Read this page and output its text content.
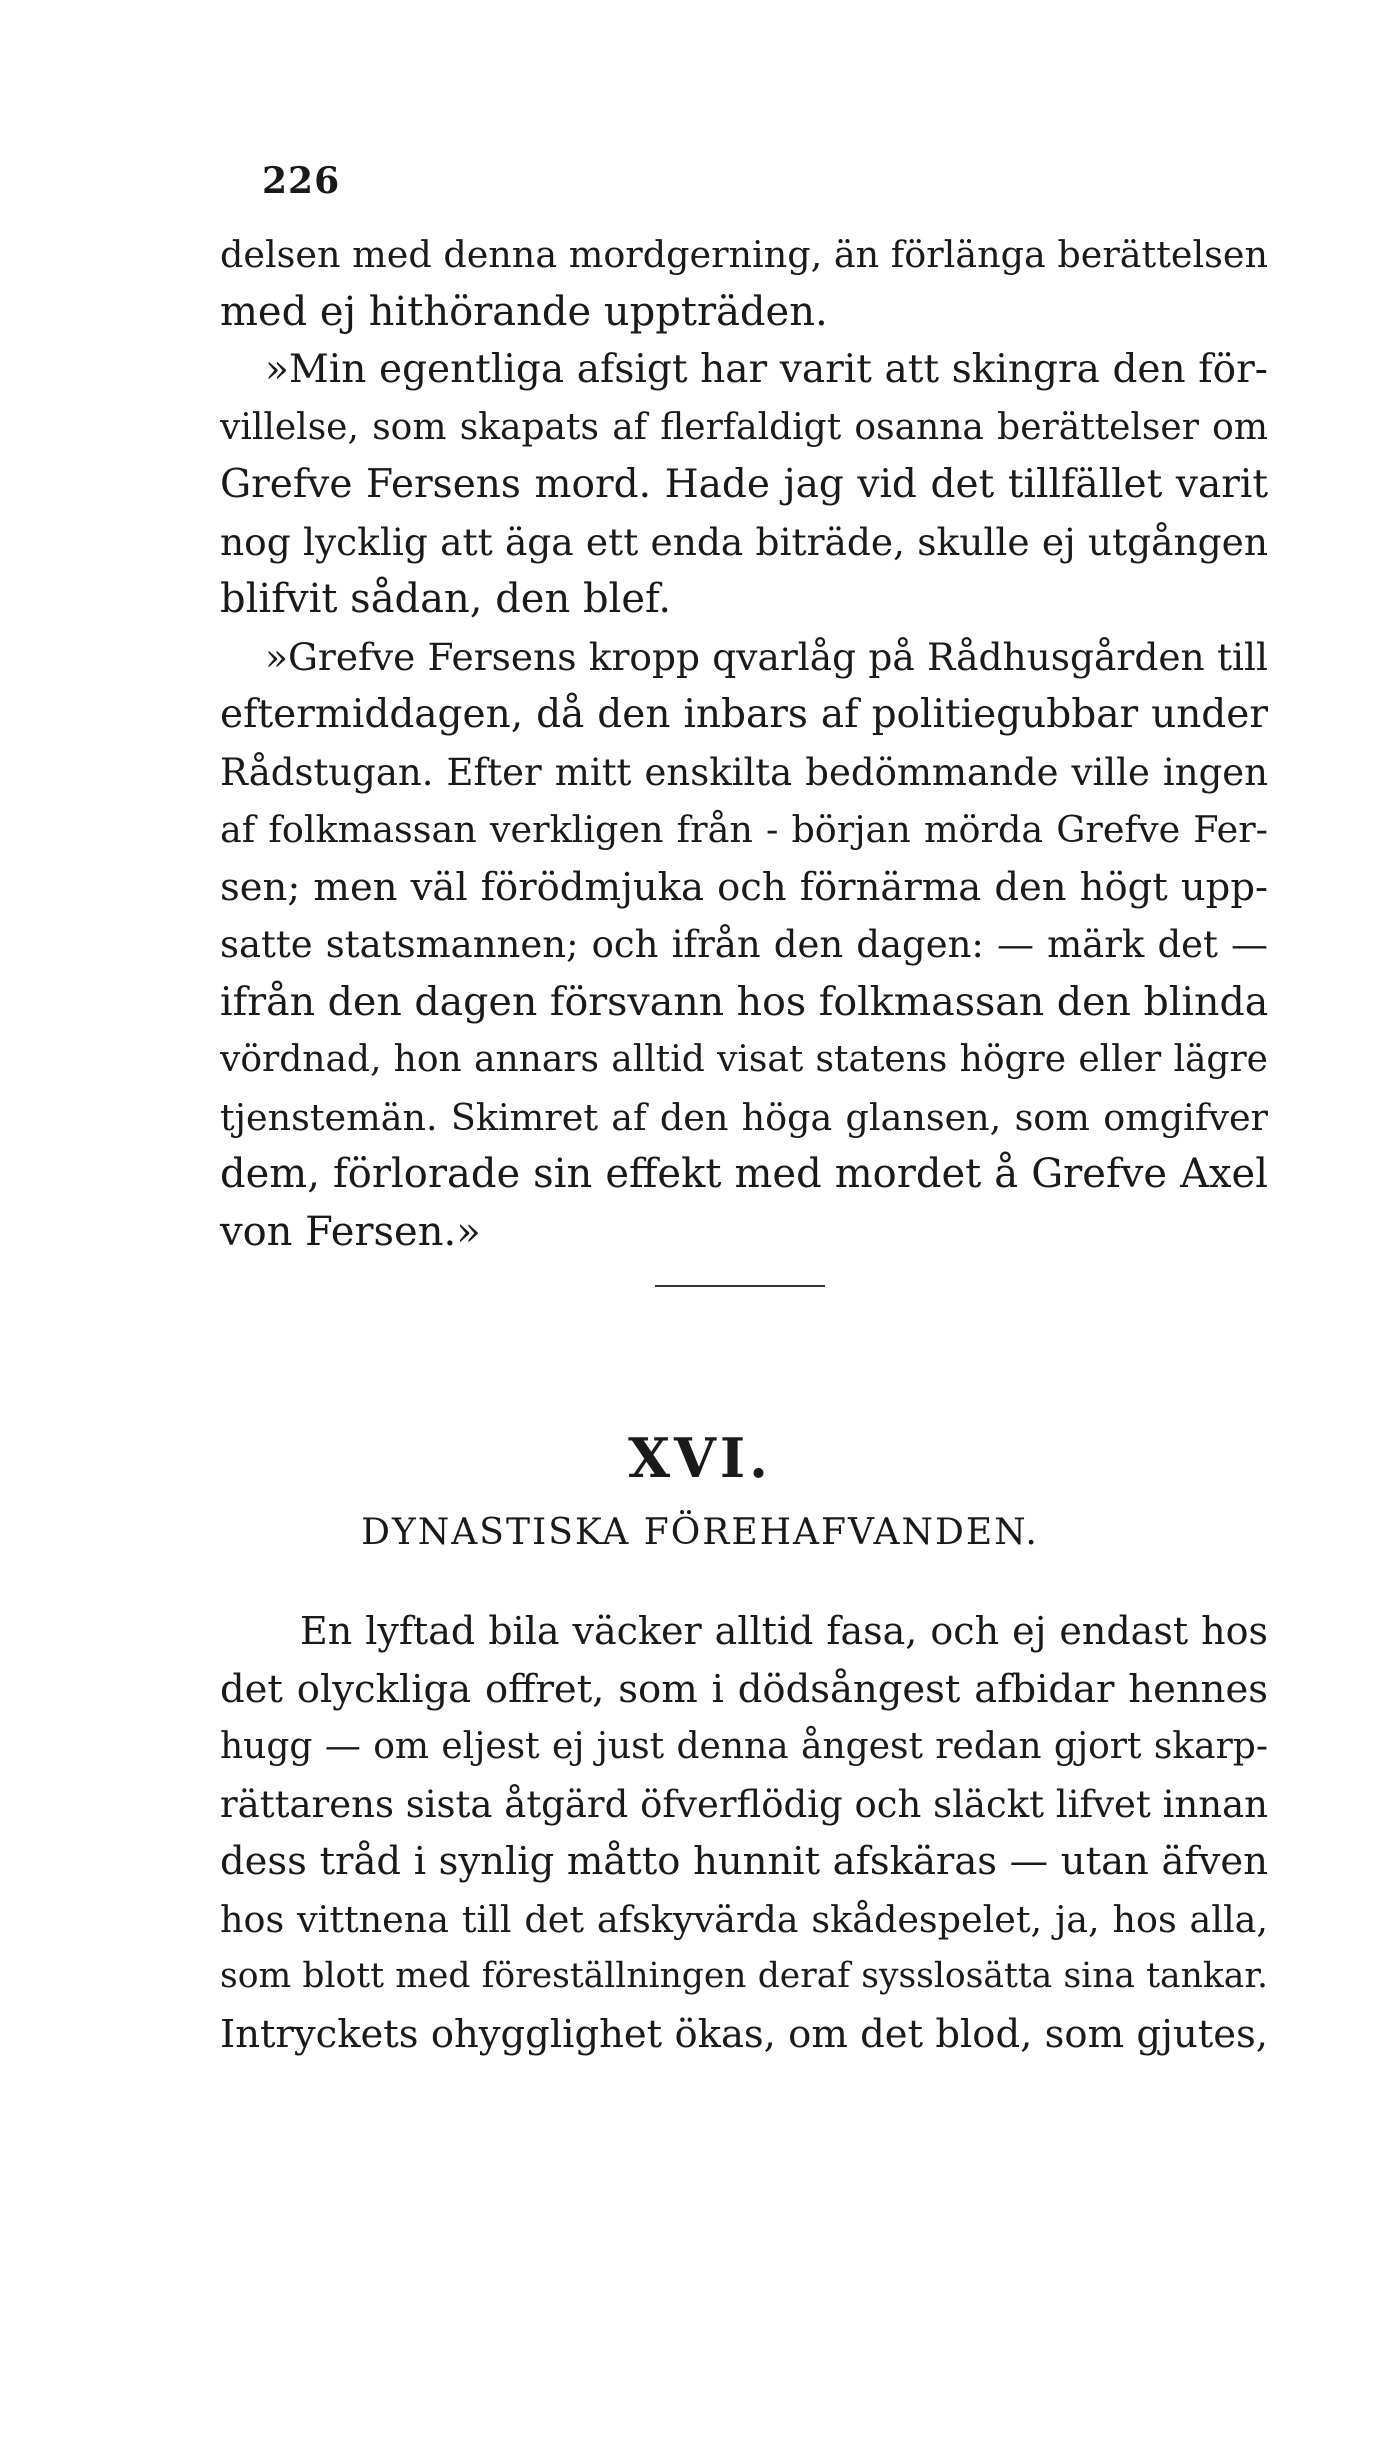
226
delsen med denna mordgerning, än förlänga berättelsen
med ej hithörande uppträden.
»Min egentliga afsigt har varit att skingra den för-
villelse, som skapats af flerfaldigt osanna berättelser om
Grefve Fersens mord. Hade jag vid det tillfället varit
nog lycklig att äga ett enda biträde, skulle ej utgången
blifvit sådan, den blef.
»Grefve Fersens kropp qvarlåg på Rådhusgården till
eftermiddagen, då den inbars af politiegubbar under
Rådstugan. Efter mitt enskilta bedömmande ville ingen
af folkmassan verkligen från - början mörda Grefve Fer-
sen; men väl förödmjuka och förnärma den högt upp-
satte statsmannen; och ifrån den dagen: — märk det —
ifrån den dagen försvann hos folkmassan den blinda
vördnad, hon annars alltid visat statens högre eller lägre
tjenstemän. Skimret af den höga glansen, som omgifver
dem, förlorade sin effekt med mordet å Grefve Axel
von Fersen.»
XVI.
DYNASTISKA FÖREHAFVANDEN.
En lyftad bila väcker alltid fasa, och ej endast hos
det olyckliga offret, som i dödsångest afbidar hennes
hugg — om eljest ej just denna ångest redan gjort skarp-
rättarens sista åtgärd öfverflödig och släckt lifvet innan
dess tråd i synlig måtto hunnit afskäras — utan äfven
hos vittnena till det afskyvärda skådespelet, ja, hos alla,
som blott med föreställningen deraf sysslosätta sina tankar.
Intryckets ohygglighet ökas, om det blod, som gjutes,
